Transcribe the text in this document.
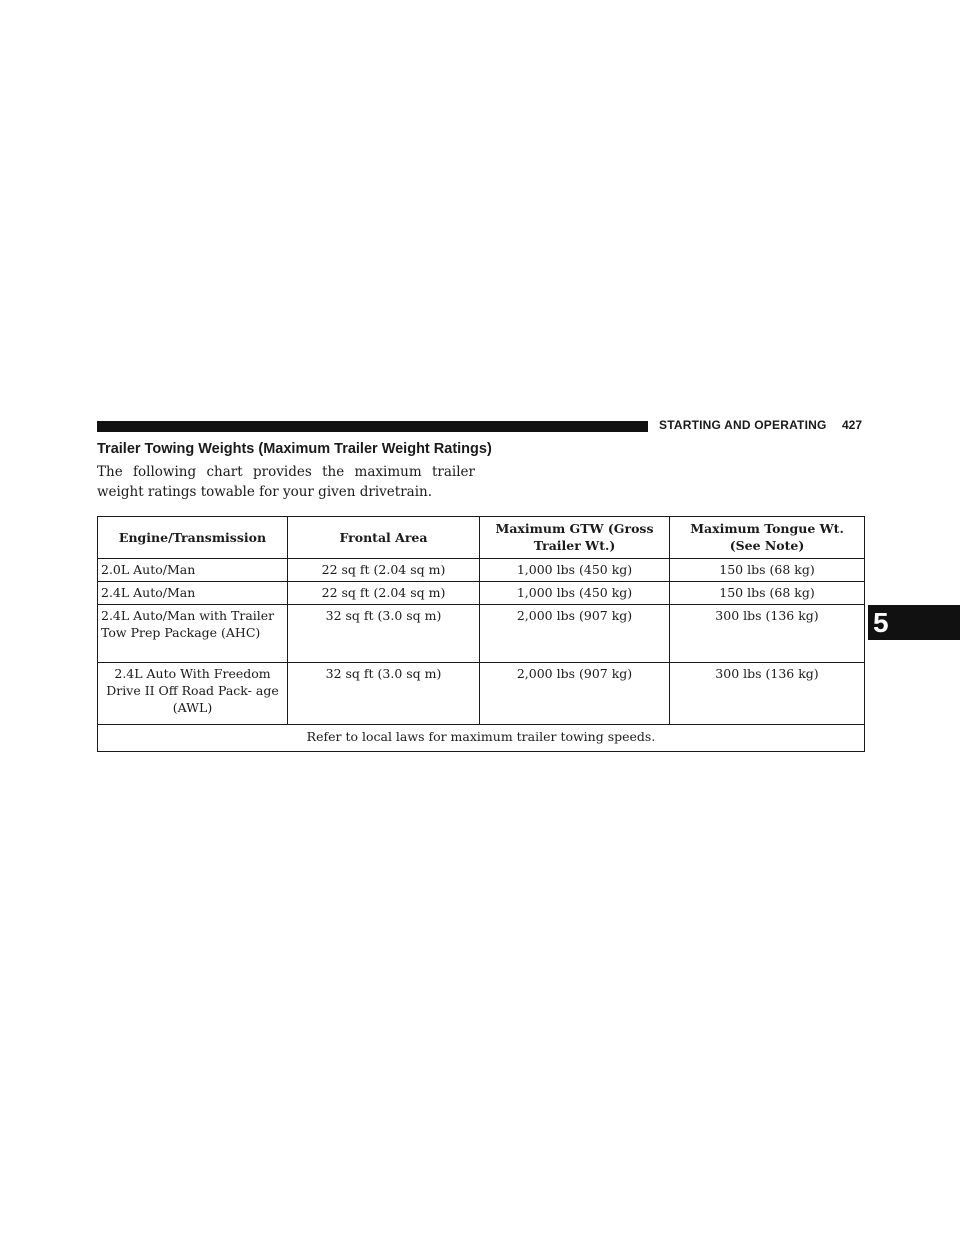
STARTING AND OPERATING 427
Trailer Towing Weights (Maximum Trailer Weight Ratings)

The following chart provides the maximum trailer weight ratings towable for your given drivetrain.

Engine/Transmission	Frontal Area	Maximum GTW (Gross Trailer Wt.)	Maximum Tongue Wt. (See Note)
2.0L Auto/Man	22 sq ft (2.04 sq m)	1,000 lbs (450 kg)	150 lbs (68 kg)
2.4L Auto/Man	22 sq ft (2.04 sq m)	1,000 lbs (450 kg)	150 lbs (68 kg)
2.4L Auto/Man with Trailer Tow Prep Package (AHC)	32 sq ft (3.0 sq m)	2,000 lbs (907 kg)	300 lbs (136 kg)
2.4L Auto With Freedom Drive II Off Road Pack- age (AWL)	32 sq ft (3.0 sq m)	2,000 lbs (907 kg)	300 lbs (136 kg)
Refer to local laws for maximum trailer towing speeds.			
5
